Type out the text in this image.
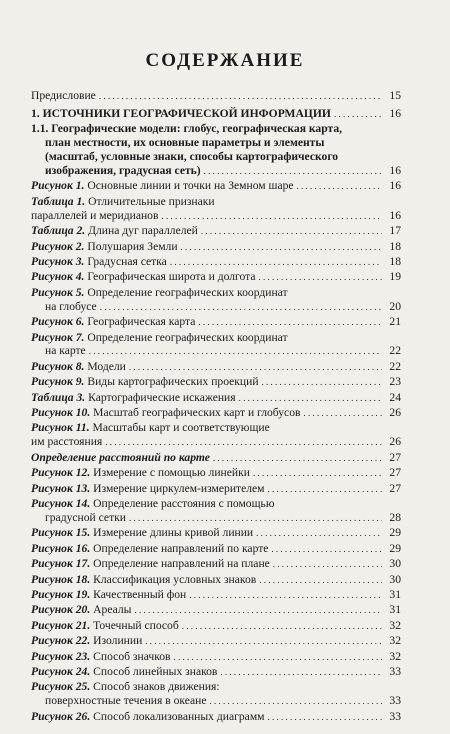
СОДЕРЖАНИЕ
Предисловие . . .	15
1. ИСТОЧНИКИ ГЕОГРАФИЧЕСКОЙ ИНФОРМАЦИИ . . .	16
1.1. Географические модели: глобус, географическая карта,
план местности, их основные параметры и элементы
(масштаб, условные знаки, способы картографического
изображения, градусная сеть) . . .	16
Рисунок 1. Основные линии и точки на Земном шаре . . .	16
Таблица 1. Отличительные признаки
параллелей и меридианов . . .	16
Таблица 2. Длина дуг параллелей . . .	17
Рисунок 2. Полушария Земли . . .	18
Рисунок 3. Градусная сетка . . .	18
Рисунок 4. Географическая широта и долгота . . .	19
Рисунок 5. Определение географических координат
на глобусе . . .	20
Рисунок 6. Географическая карта . . .	21
Рисунок 7. Определение географических координат
на карте . . .	22
Рисунок 8. Модели . . .	22
Рисунок 9. Виды картографических проекций . . .	23
Таблица 3. Картографические искажения . . .	24
Рисунок 10. Масштаб географических карт и глобусов . . .	26
Рисунок 11. Масштабы карт и соответствующие
им расстояния . . .	26
Определение расстояний по карте . . .	27
Рисунок 12. Измерение с помощью линейки . . .	27
Рисунок 13. Измерение циркулем-измерителем . . .	27
Рисунок 14. Определение расстояния с помощью
градусной сетки . . .	28
Рисунок 15. Измерение длины кривой линии . . .	29
Рисунок 16. Определение направлений по карте . . .	29
Рисунок 17. Определение направлений на плане . . .	30
Рисунок 18. Классификация условных знаков . . .	30
Рисунок 19. Качественный фон . . .	31
Рисунок 20. Ареалы . . .	31
Рисунок 21. Точечный способ . . .	32
Рисунок 22. Изолинии . . .	32
Рисунок 23. Способ значков . . .	32
Рисунок 24. Способ линейных знаков . . .	33
Рисунок 25. Способ знаков движения:
поверхностные течения в океане . . .	33
Рисунок 26. Способ локализованных диаграмм . . .	33
